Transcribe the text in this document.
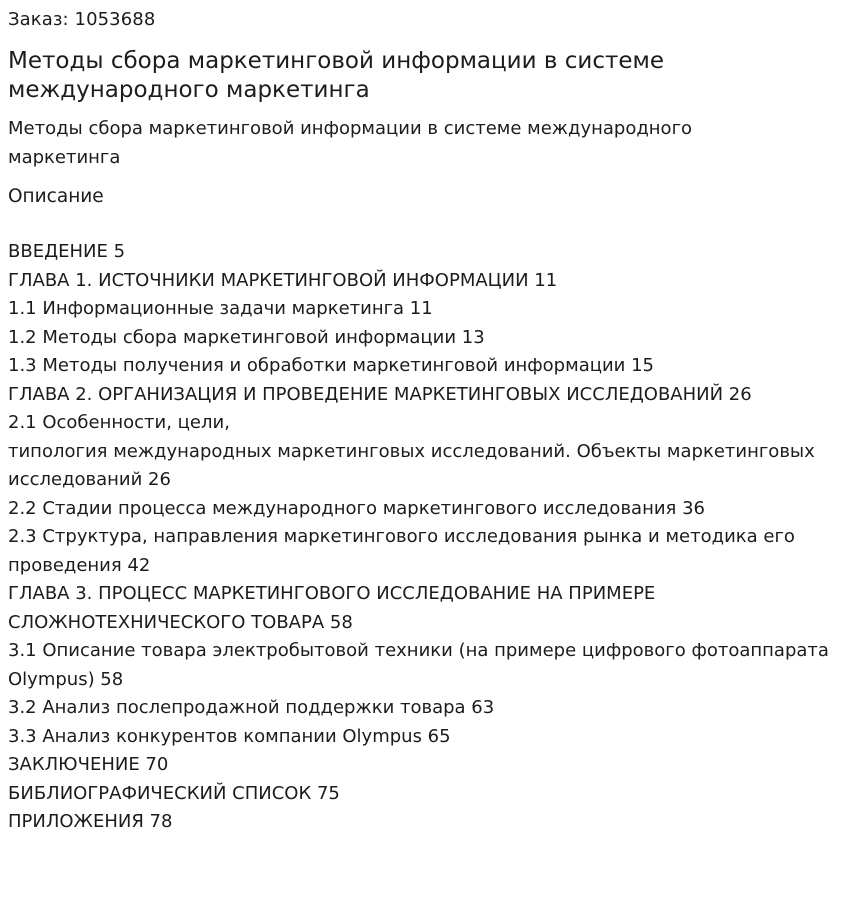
Заказ: 1053688
Методы сбора маркетинговой информации в системе международного маркетинга
Методы сбора маркетинговой информации в системе международного маркетинга
Описание
ВВЕДЕНИЕ 5
ГЛАВА 1. ИСТОЧНИКИ МАРКЕТИНГОВОЙ ИНФОРМАЦИИ 11
1.1 Информационные задачи маркетинга 11
1.2 Методы сбора маркетинговой информации 13
1.3 Методы получения и обработки маркетинговой информации 15
ГЛАВА 2. ОРГАНИЗАЦИЯ И ПРОВЕДЕНИЕ МАРКЕТИНГОВЫХ ИССЛЕДОВАНИЙ 26
2.1 Особенности, цели,
типология международных маркетинговых исследований. Объекты маркетинговых исследований 26
2.2 Стадии процесса международного маркетингового исследования 36
2.3 Структура, направления маркетингового исследования рынка и методика его проведения 42
ГЛАВА 3. ПРОЦЕСС МАРКЕТИНГОВОГО ИССЛЕДОВАНИЕ НА ПРИМЕРЕ СЛОЖНОТЕХНИЧЕСКОГО ТОВАРА 58
3.1 Описание товара электробытовой техники (на примере цифрового фотоаппарата Olympus) 58
3.2 Анализ послепродажной поддержки товара 63
3.3 Анализ конкурентов компании Olympus 65
ЗАКЛЮЧЕНИЕ 70
БИБЛИОГРАФИЧЕСКИЙ СПИСОК 75
ПРИЛОЖЕНИЯ 78
